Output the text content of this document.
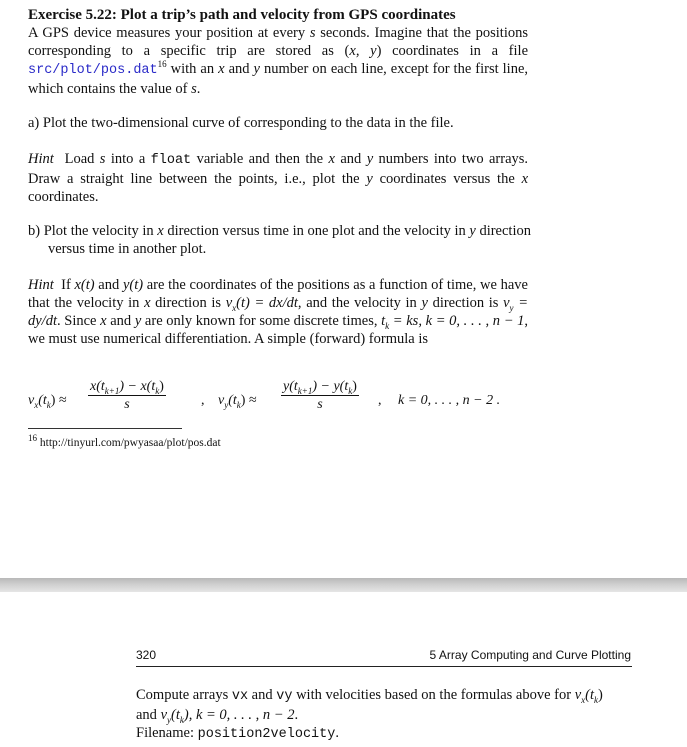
Exercise 5.22: Plot a trip’s path and velocity from GPS coordinates
A GPS device measures your position at every s seconds. Imagine that the positions corresponding to a specific trip are stored as (x, y) coordinates in a file src/plot/pos.dat$^{16}$ with an x and y number on each line, except for the first line, which contains the value of s.
a) Plot the two-dimensional curve of corresponding to the data in the file.
Hint Load s into a float variable and then the x and y numbers into two arrays. Draw a straight line between the points, i.e., plot the y coordinates versus the x coordinates.
b) Plot the velocity in x direction versus time in one plot and the velocity in y direction versus time in another plot.
Hint If x(t) and y(t) are the coordinates of the positions as a function of time, we have that the velocity in x direction is $v_x(t) = dx/dt$, and the velocity in y direction is $v_y = dy/dt$. Since x and y are only known for some discrete times, $t_k$ = ks, k = 0, . . . , n − 1, we must use numerical differentiation. A simple (forward) formula is
$v_x(t_k) \approx \frac{x(t_{k+1}) - x(t_k)}{s}$	, $v_y(t_k) \approx \frac{y(t_{k+1}) - y(t_k)}{s}$ , k = 0, . . . , n − 2 .
$^{16}$ http://tinyurl.com/pwyasaa/plot/pos.dat
320	5 Array Computing and Curve Plotting
Compute arrays vx and vy with velocities based on the formulas above for $v_x(t_k)$
and $v_y(t_k)$, k = 0, . . . , n − 2.
Filename: position2velocity.
